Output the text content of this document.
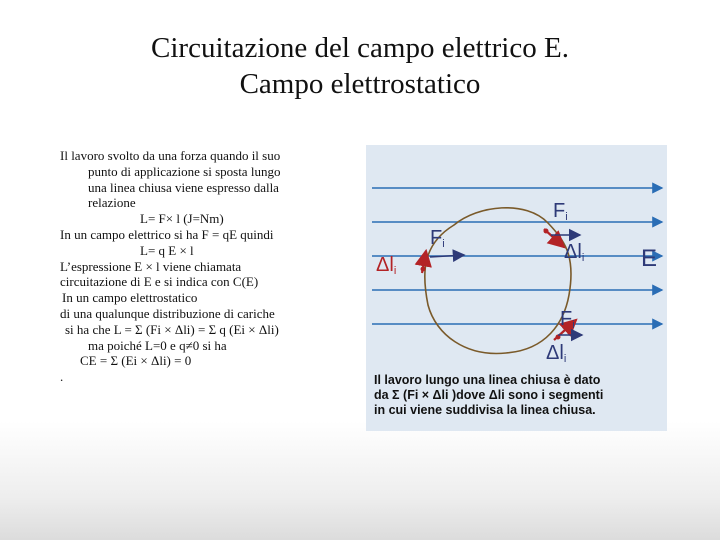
Circuitazione del campo elettrico E.
Campo elettrostatico
Il lavoro svolto da una forza quando il suo
punto di applicazione si sposta lungo
una linea chiusa viene espresso dalla
relazione
L= F× l (J=Nm)
In un campo elettrico si ha F = qE quindi
L= q E × l
L’espressione E × l viene chiamata
circuitazione di E e si indica con C(E)
In un campo elettrostatico
di una qualunque distribuzione di cariche
si ha che L = Σ (Fi × Δli) = Σ q (Ei × Δli)
ma poiché L=0 e q≠0 si ha
CE = Σ (Ei × Δli) = 0
.
$F_i$
$F_i$
$\Delta l_i$
$\Delta l_i$ E
$F_i$
$\Delta l_i$
Il lavoro lungo una linea chiusa è dato
da Σ (Fi × Δli )dove Δli sono i segmenti
in cui viene suddivisa la linea chiusa.
